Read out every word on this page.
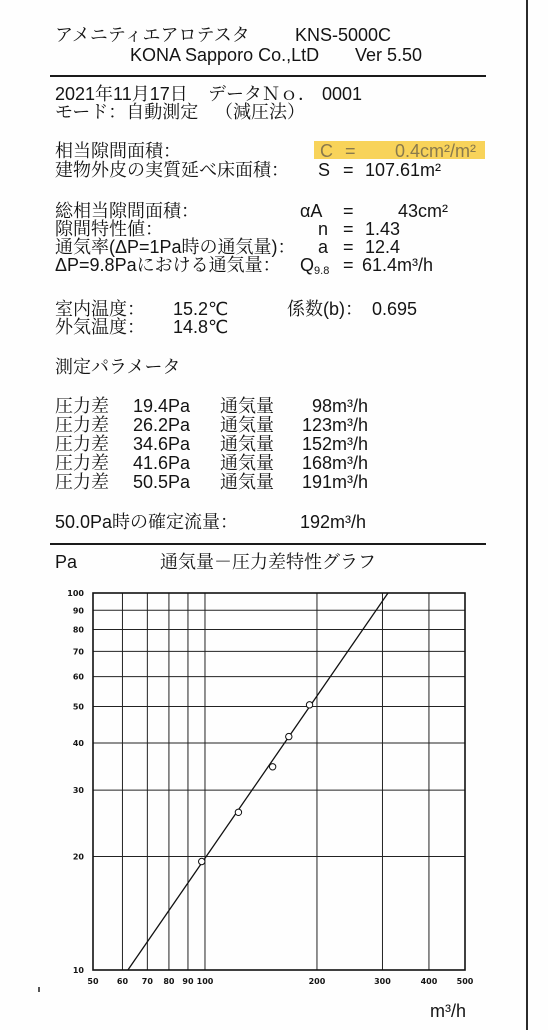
アメニティエアロテスタ	KNS-5000C
KONA Sapporo Co.,LtD Ver 5.50
2021年11月17日 データＮｏ． 0001
モード：自動測定 （減圧法）
相当隙間面積：	C = 0.4cm²/m²
建物外皮の実質延べ床面積： S = 107.61m²
総相当隙間面積：	αA = 43cm²
隙間特性値：	n = 1.43
通気率(ΔP=1Pa時の通気量)： a = 12.4
ΔP=9.8Paにおける通気量： $Q_{9.8} = 61.4m^3/h$
室内温度： 15.2℃	係数(b)： 0.695
外気温度： 14.8℃
測定パラメータ
圧力差 19.4Pa 通気量	98m³/h
圧力差 26.2Pa 通気量	123m³/h
圧力差 34.6Pa 通気量	152m³/h
圧力差 41.6Pa 通気量	168m³/h
圧力差 50.5Pa 通気量	191m³/h
50.0Pa時の確定流量：	192m³/h
Pa	通気量－圧力差特性グラフ
50 60 70 80 90 100	200	300	400 500
100
90
80
70
60
50
40
30
20
10
m³/h
